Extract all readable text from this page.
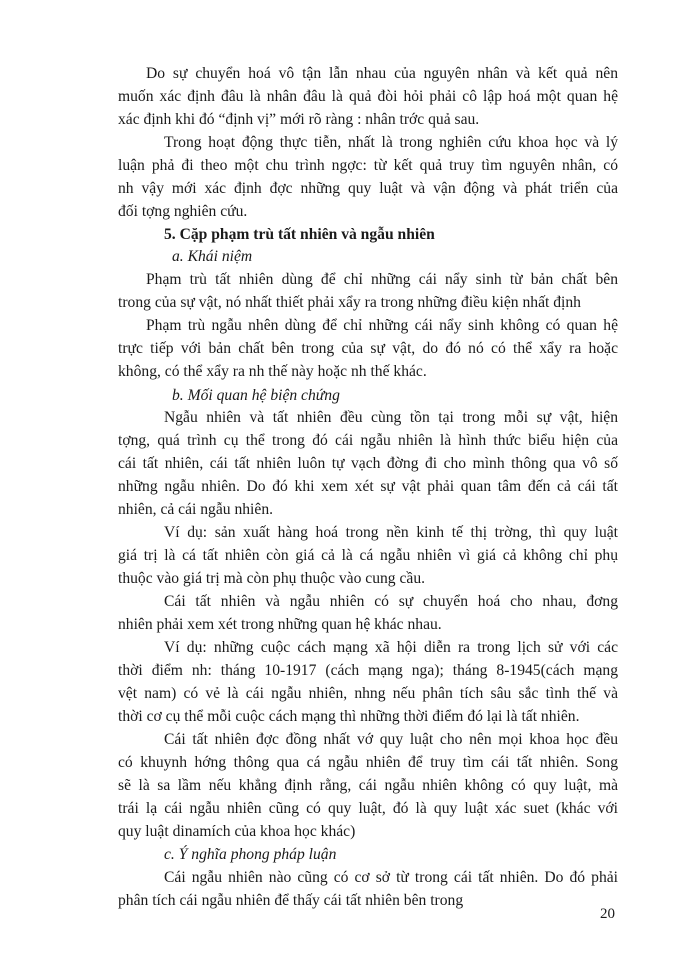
Do sự chuyển hoá vô tận lẫn nhau của nguyên nhân và kết quả nên

muốn xác định đâu là nhân đâu là quả đòi hỏi phải cô lập hoá một quan hệ

xác định khi đó “định vị” mới rõ ràng : nhân trớc quả sau.

Trong hoạt động thực tiễn, nhất là trong nghiên cứu khoa học và lý

luận phả đi theo một chu trình ngợc: từ kết quả truy tìm nguyên nhân, có

nh vậy mới xác định đợc những quy luật và vận động và phát triển của

đối tợng nghiên cứu.

5. Cặp phạm trù tất nhiên và ngẫu nhiên

a. Khái niệm

Phạm trù tất nhiên dùng để chỉ những cái nẩy sinh từ bản chất bên

trong của sự vật, nó nhất thiết phải xẩy ra trong những điều kiện nhất định

Phạm trù ngẫu nhên dùng để chỉ những cái nẩy sinh không có quan hệ

trực tiếp với bản chất bên trong của sự vật, do đó nó có thể xẩy ra hoặc

không, có thể xẩy ra nh thế này hoặc nh thế khác.

b. Mối quan hệ biện chứng

Ngẫu nhiên và tất nhiên đều cùng tồn tại trong mỗi sự vật, hiện

tợng, quá trình cụ thể trong đó cái ngẫu nhiên là hình thức biểu hiện của

cái tất nhiên, cái tất nhiên luôn tự vạch đờng đi cho mình thông qua vô số

những ngẫu nhiên. Do đó khi xem xét sự vật phải quan tâm đến cả cái tất

nhiên, cả cái ngẫu nhiên.

Ví dụ: sản xuất hàng hoá trong nền kinh tế thị trờng, thì quy luật

giá trị là cá tất nhiên còn giá cả là cá ngẫu nhiên vì giá cả không chỉ phụ

thuộc vào giá trị mà còn phụ thuộc vào cung cầu.

Cái tất nhiên và ngẫu nhiên có sự chuyển hoá cho nhau, đơng

nhiên phải xem xét trong những quan hệ khác nhau.

Ví dụ: những cuộc cách mạng xã hội diễn ra trong lịch sử với các

thời điểm nh: tháng 10-1917 (cách mạng nga); tháng 8-1945(cách mạng

vệt nam) có vẻ là cái ngẫu nhiên, nhng nếu phân tích sâu sắc tình thế và

thời cơ cụ thể mỗi cuộc cách mạng thì những thời điểm đó lại là tất nhiên.

Cái tất nhiên đợc đồng nhất vớ quy luật cho nên mọi khoa học đều

có khuynh hớng thông qua cá ngẫu nhiên để truy tìm cái tất nhiên. Song

sẽ là sa lầm nếu khẳng định rằng, cái ngẫu nhiên không có quy luật, mà

trái lạ cái ngẫu nhiên cũng có quy luật, đó là quy luật xác suet (khác với

quy luật dinamích của khoa học khác)

c. Ý nghĩa phong pháp luận

Cái ngẫu nhiên nào cũng có cơ sở từ trong cái tất nhiên. Do đó phải

phân tích cái ngẫu nhiên để thấy cái tất nhiên bên trong

20
